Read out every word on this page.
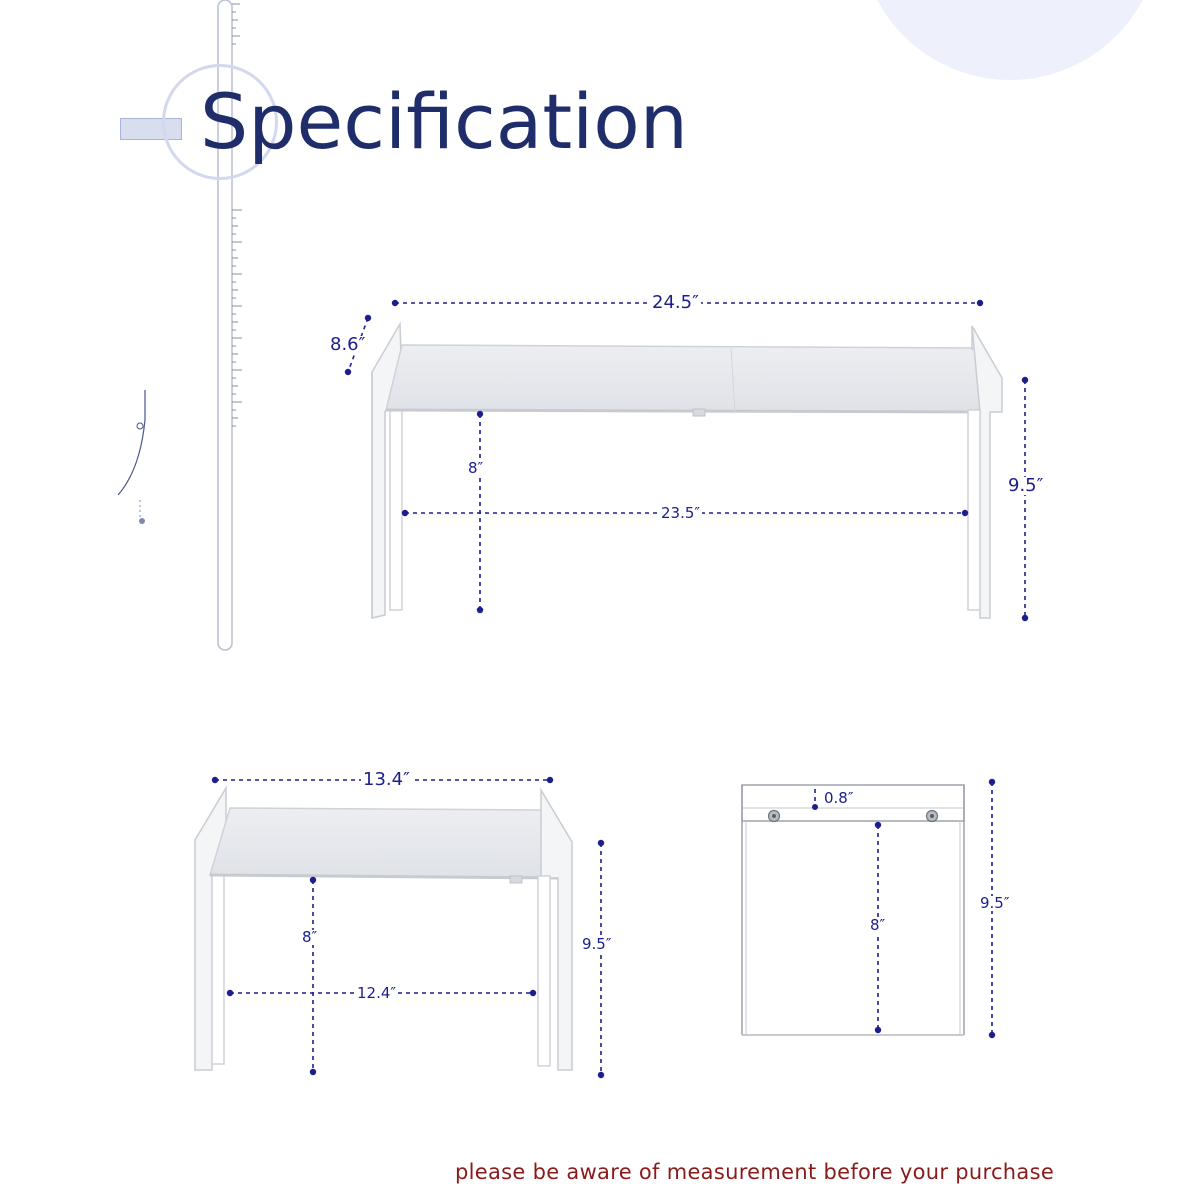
Specification
24.5″
8.6″
8″
23.5″
9.5″
13.4″
8″
12.4″
9.5″
0.8″
8″
9.5″
please be aware of measurement before your purchase
